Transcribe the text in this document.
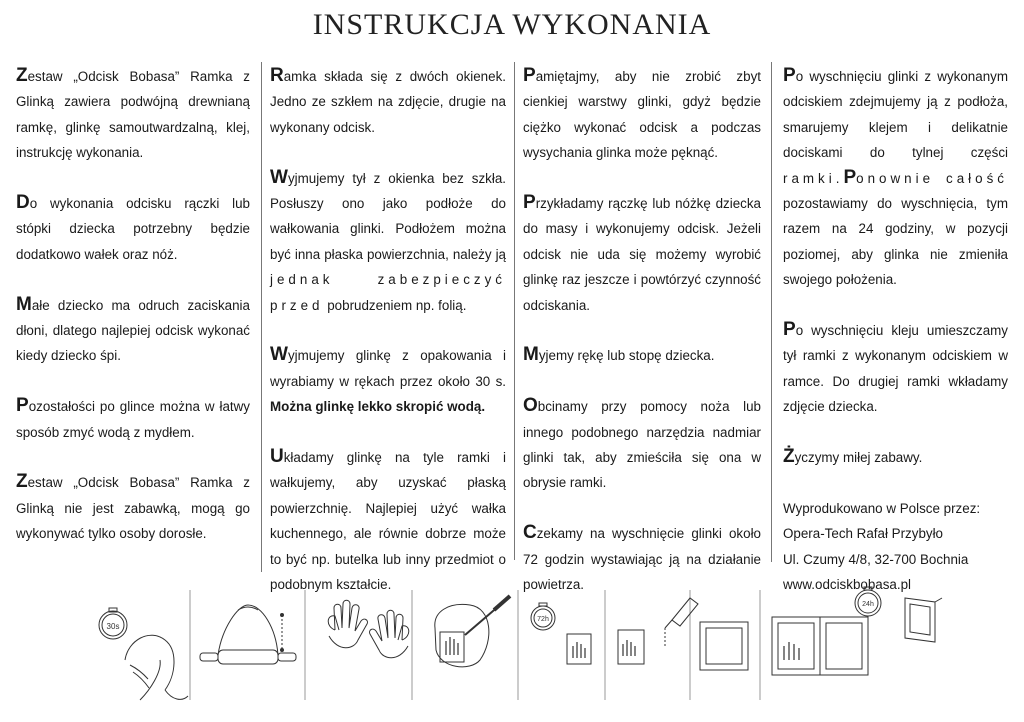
INSTRUKCJA WYKONANIA

Zestaw „Odcisk Bobasa” Ramka z Glinką zawiera podwójną drewnianą ramkę, glinkę samoutwardzalną, klej, instrukcję wykonania.

Do wykonania odcisku rączki lub stópki dziecka potrzebny będzie dodatkowo wałek oraz nóż.

Małe dziecko ma odruch zaciskania dłoni, dlatego najlepiej odcisk wykonać kiedy dziecko śpi.

Pozostałości po glince można w łatwy sposób zmyć wodą z mydłem.

Zestaw „Odcisk Bobasa” Ramka z Glinką nie jest zabawką, mogą go wykonywać tylko osoby dorosłe.

Ramka składa się z dwóch okienek. Jedno ze szkłem na zdjęcie, drugie na wykonany odcisk.

Wyjmujemy tył z okienka bez szkła. Posłuszy ono jako podłoże do wałkowania glinki. Podłożem można być inna płaska powierzchnia, należy ją jednak zabezpieczyć przed pobrudzeniem np. folią.

Wyjmujemy glinkę z opakowania i wyrabiamy w rękach przez około 30 s. Można glinkę lekko skropić wodą.

Układamy glinkę na tyle ramki i wałkujemy, aby uzyskać płaską powierzchnię. Najlepiej użyć wałka kuchennego, ale równie dobrze może to być np. butelka lub inny przedmiot o podobnym kształcie.

Pamiętajmy, aby nie zrobić zbyt cienkiej warstwy glinki, gdyż będzie ciężko wykonać odcisk a podczas wysychania glinka może pęknąć.

Przykładamy rączkę lub nóżkę dziecka do masy i wykonujemy odcisk. Jeżeli odcisk nie uda się możemy wyrobić glinkę raz jeszcze i powtórzyć czynność odciskania.

Myjemy rękę lub stopę dziecka.

Obcinamy przy pomocy noża lub innego podobnego narzędzia nadmiar glinki tak, aby zmieściła się ona w obrysie ramki.

Czekamy na wyschnięcie glinki około 72 godzin wystawiając ją na działanie powietrza.

Po wyschnięciu glinki z wykonanym odciskiem zdejmujemy ją z podłoża, smarujemy klejem i delikatnie dociskami do tylnej części ramki.Ponownie całość pozostawiamy do wyschnięcia, tym razem na 24 godziny, w pozycji poziomej, aby glinka nie zmieniła swojego położenia.

Po wyschnięciu kleju umieszczamy tył ramki z wykonanym odciskiem w ramce. Do drugiej ramki wkładamy zdjęcie dziecka.

Życzymy miłej zabawy.

Wyprodukowano w Polsce przez:
Opera-Tech Rafał Przybyło
Ul. Czumy 4/8, 32-700 Bochnia
www.odciskbobasa.pl

30s
72h
24h
